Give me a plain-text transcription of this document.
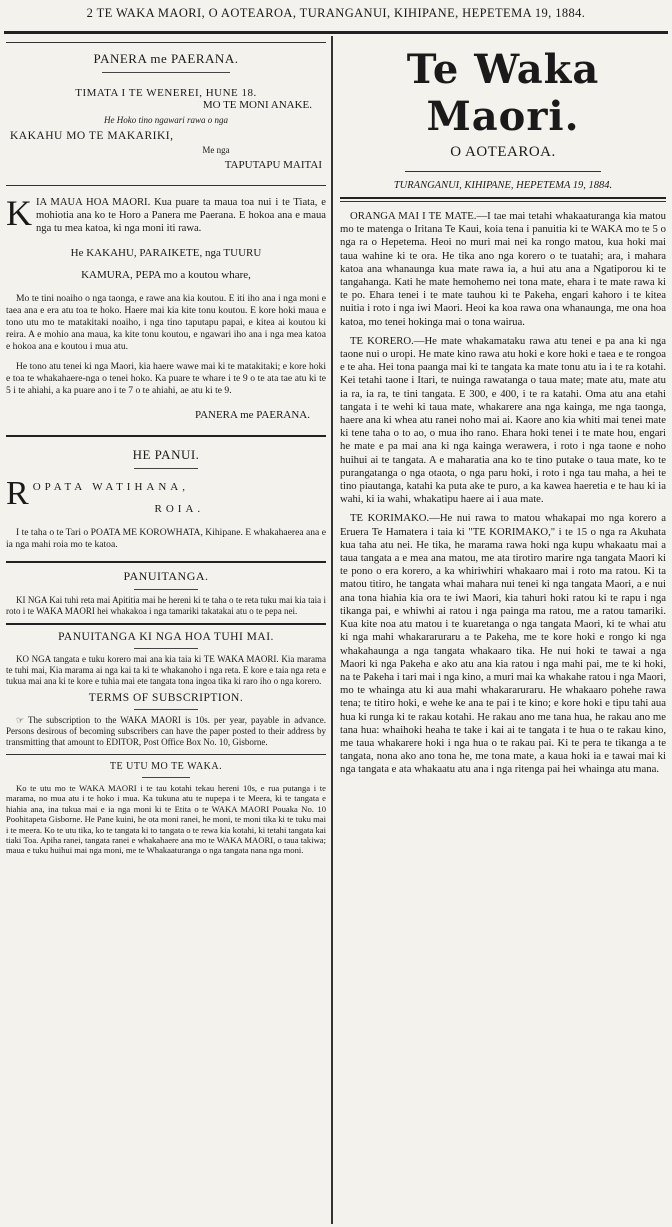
2 TE WAKA MAORI, O AOTEAROA, TURANGANUI, KIHIPANE, HEPETEMA 19, 1884.

PANERA me PAERANA.

TIMATA I TE WENEREI, HUNE 18.

MO TE MONI ANAKE.

He Hoko tino ngawari rawa o nga

KAKAHU MO TE MAKARIKI,

Me nga

TAPUTAPU MAITAI

K IA MAUA HOA MAORI. Kua puare ta maua toa nui i te Tiata, e mohiotia ana ko te Horo a Panera me Paerana. E hokoa ana e maua nga tu mea katoa, ki nga moni iti rawa.

He KAKAHU, PARAIKETE, nga TUURU

KAMURA, PEPA mo a koutou whare,

Mo te tini noaiho o nga taonga, e rawe ana kia koutou. E iti iho ana i nga moni e taea ana e era atu toa te hoko. Haere mai kia kite tonu koutou. E kore hoki maua e tono utu mo te matakitaki noaiho, i nga tino taputapu papai, e kitea ai koutou ki reira. A e mohio ana maua, ka kite tonu koutou, e ngawari iho ana i nga mea katoa e hokoa ana e koutou i mua atu.

He tono atu tenei ki nga Maori, kia haere wawe mai ki te matakitaki; e kore hoki e toa te whakahaere-nga o tenei hoko. Ka puare te whare i te 9 o te ata tae atu ki te 5 i te ahiahi, a ka puare ano i te 7 o te ahiahi, ae atu ki te 9.

PANERA me PAERANA.

HE PANUI.

R OPATA WATIHANA,

ROIA.

I te taha o te Tari o POATA ME KOROWHATA, Kihipane. E whakahaerea ana e ia nga mahi roia mo te katoa.

PANUITANGA.

KI NGA Kai tuhi reta mai Apititia mai he hereni ki te taha o te reta tuku mai kia taia i roto i te WAKA MAORI hei whakakoa i nga tamariki takatakai atu o te pepa nei.

PANUITANGA KI NGA HOA TUHI MAI.

KO NGA tangata e tuku korero mai ana kia taia ki TE WAKA MAORI. Kia marama te tuhi mai, Kia marama ai nga kai ta ki te whakanoho i nga reta. E kore e taia nga reta e tukua mai ana ki te kore e tuhia mai ete tangata tona ingoa tika ki raro iho o nga korero.

TERMS OF SUBSCRIPTION.

☞ The subscription to the WAKA MAORI is 10s. per year, payable in advance. Persons desirous of becoming subscribers can have the paper posted to their address by transmitting that amount to EDITOR, Post Office Box No. 10, Gisborne.

TE UTU MO TE WAKA.

Ko te utu mo te WAKA MAORI i te tau kotahi tekau hereni 10s, e rua putanga i te marama, no mua atu i te hoko i mua. Ka tukuna atu te nupepa i te Meera, ki te tangata e hiahia ana, ina tukua mai e ia nga moni ki te Etita o te WAKA MAORI Pouaka No. 10 Poohitapeta Gisborne. He Pane kuini, he ota moni ranei, he moni, te moni tika ki te tuku mai i te meera. Ko te utu tika, ko te tangata ki to tangata o te rewa kia kotahi, ki tetahi tangata kai tiaki Toa. Apiha ranei, tangata ranei e whakahaere ana mo te WAKA MAORI, o taua takiwa; maua e tuku huihui mai nga moni, me te Whakaaturanga o nga tangata nana nga moni.

Te Waka Maori.

O AOTEAROA.

TURANGANUI, KIHIPANE, HEPETEMA 19, 1884.

ORANGA MAI I TE MATE.—I tae mai tetahi whakaaturanga kia matou mo te matenga o Iritana Te Kaui, koia tena i panuitia ki te WAKA mo te 5 o nga ra o Hepetema. Heoi no muri mai nei ka rongo matou, kua hoki mai taua wahine ki te ora. He tika ano nga korero o te tuatahi; ara, i mahara katoa ana whanaunga kua mate rawa ia, a hui atu ana a Ngatiporou ki te tangahanga. Kati he mate hemohemo nei tona mate, ehara i te mate rawa ki te po. Ehara tenei i te mate tauhou ki te Pakeha, engari kahoro i te kitea nuitia i roto i nga iwi Maori. Heoi ka koa rawa ona whanaunga, me ona hoa katoa, mo tenei hokinga mai o tona wairua.

TE KORERO.—He mate whakamataku rawa atu tenei e pa ana ki nga taone nui o uropi. He mate kino rawa atu hoki e kore hoki e taea e te rongoa e te aha. Hei tona paanga mai ki te tangata ka mate tonu atu ia i te ra kotahi. Kei tetahi taone i Itari, te nuinga rawatanga o taua mate; mate atu, mate atu ia ra, ia ra, te tini tangata. E 300, e 400, i te ra katahi. Oma atu ana etahi tangata i te wehi ki taua mate, whakarere ana nga kainga, me nga taonga, haere ana ki whea atu ranei noho mai ai. Kaore ano kia whiti mai tenei mate ki tene taha o to ao, o mua iho rano. Ehara hoki tenei i te mate hou, engari he mate e pa mai ana ki nga kainga werawera, i roto i nga taone e noho huihui ai te tangata. A e maharatia ana ko te tino putake o taua mate, ko te purangatanga o nga otaota, o nga paru hoki, i roto i nga tau maha, a hei te tino piautanga, katahi ka puta ake te puro, a ka kawea haeretia e te hau ki ia wahi, ki ia wahi, whakatipu haere ai i aua mate.

TE KORIMAKO.—He nui rawa to matou whakapai mo nga korero a Eruera Te Hamatera i taia ki "TE KORIMAKO," i te 15 o nga ra Akuhata kua taha atu nei. He tika, he marama rawa hoki nga kupu whakaatu mai a taua tangata a e mea ana matou, me ata tirotiro marire nga tangata Maori ki te pono o era korero, a ka whiriwhiri whakaaro mai i roto ma ratou. Ki ta matou titiro, he tangata whai mahara nui tenei ki nga tangata Maori, a e nui ana tona hiahia kia ora te iwi Maori, kia tahuri hoki ratou ki te rapu i nga tikanga pai, e whiwhi ai ratou i nga painga ma ratou, me a ratou tamariki. Kua kite noa atu matou i te kuaretanga o nga tangata Maori, ki te whai atu ki nga mahi whakararuraru a te Pakeha, me te kore hoki e rongo ki nga whakahaunga a nga tangata whakaaro tika. He nui hoki te tawai a nga Maori ki nga Pakeha e ako atu ana kia ratou i nga mahi pai, me te ki hoki, na te Pakeha i tari mai i nga kino, a muri mai ka whakahe ratou i nga Maori, mo te whainga atu ki aua mahi whakararuraru. He whakaaro pohehe rawa tena; te titiro hoki, e wehe ke ana te pai i te kino; e kore hoki e tipu tahi aua hua ki runga ki te rakau kotahi. He rakau ano me tana hua, he rakau ano me tana hua: whaihoki heaha te take i kai ai te tangata i te hua o te rakau kino, me taua whakarere hoki i nga hua o te rakau pai. Ki te pera te tikanga a te tangata, nona ako ano tona he, me tona mate, a kaua hoki ia e tawai mai ki nga tangata e ata whakaatu atu ana i nga ritenga pai hei whainga atu mana.
